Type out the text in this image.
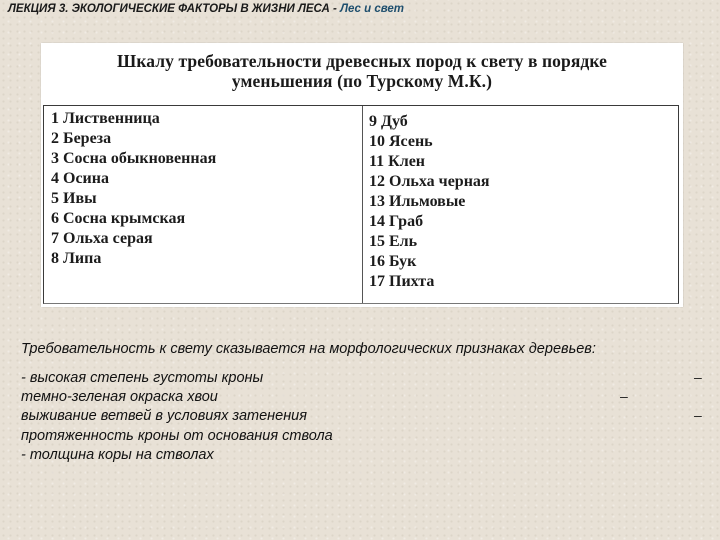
ЛЕКЦИЯ 3. ЭКОЛОГИЧЕСКИЕ ФАКТОРЫ В ЖИЗНИ ЛЕСА - Лес и свет
Шкалу требовательности древесных пород к свету в порядке
уменьшения (по Турскому М.К.)
1 Лиственница
2 Береза
3 Сосна обыкновенная
4 Осина
5 Ивы
6 Сосна крымская
7 Ольха серая
8 Липа
9 Дуб
10 Ясень
11 Клен
12 Ольха черная
13 Ильмовые
14 Граб
15 Ель
16 Бук
17 Пихта
Требовательность к свету сказывается на морфологических признаках деревьев:
- высокая степень густоты кроны
темно-зеленая окраска хвои
выживание ветвей в условиях затенения
протяженность кроны от основания ствола
- толщина коры на стволах
–
–
–
